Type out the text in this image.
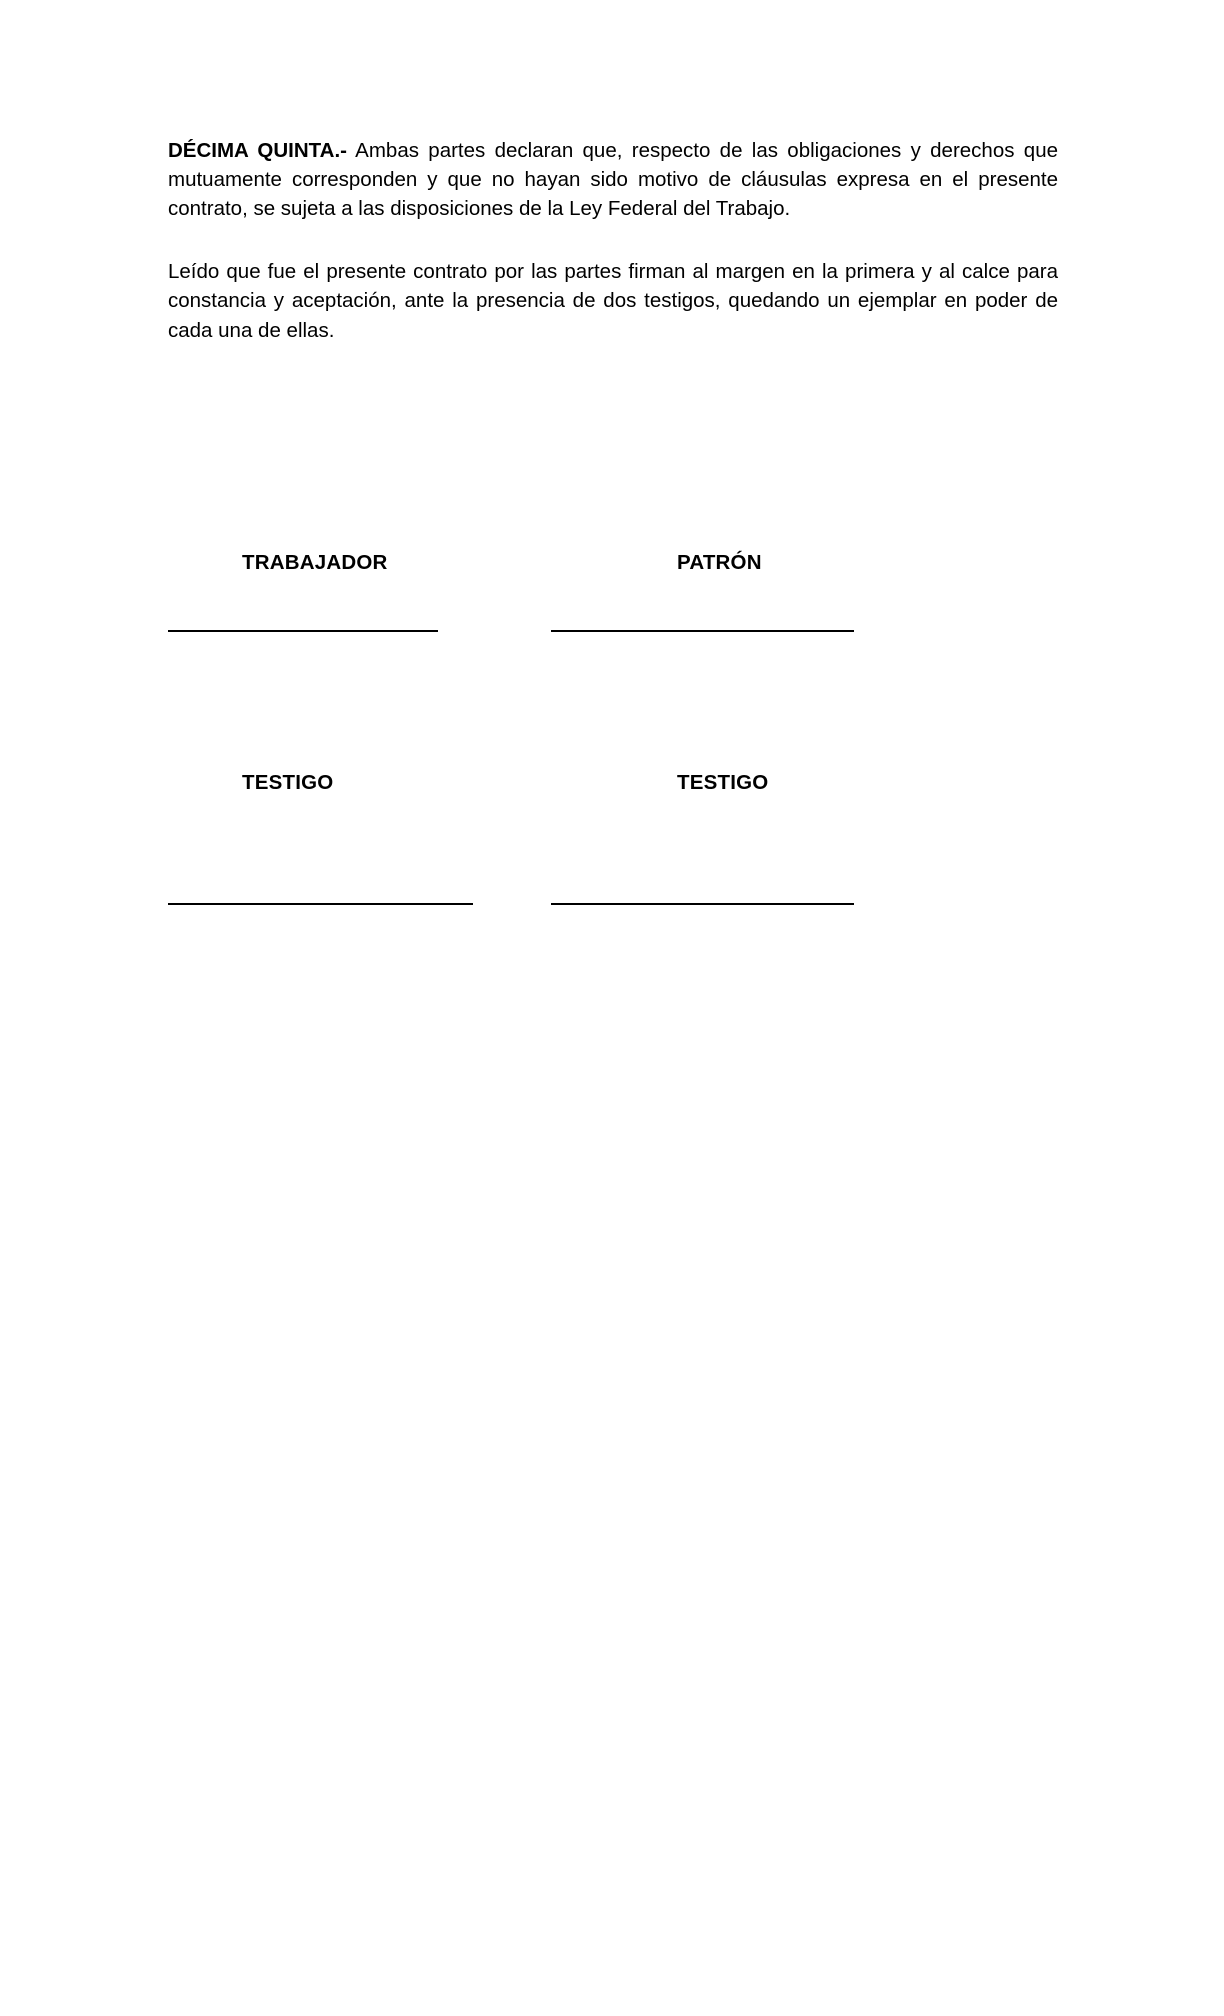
DÉCIMA QUINTA.- Ambas partes declaran que, respecto de las obligaciones y derechos que mutuamente corresponden y que no hayan sido motivo de cláusulas expresa en el presente contrato, se sujeta a las disposiciones de la Ley Federal del Trabajo.

Leído que fue el presente contrato por las partes firman al margen en la primera y al calce para constancia y aceptación, ante la presencia de dos testigos, quedando un ejemplar en poder de cada una de ellas.

TRABAJADOR	PATRÓN
TESTIGO	TESTIGO
